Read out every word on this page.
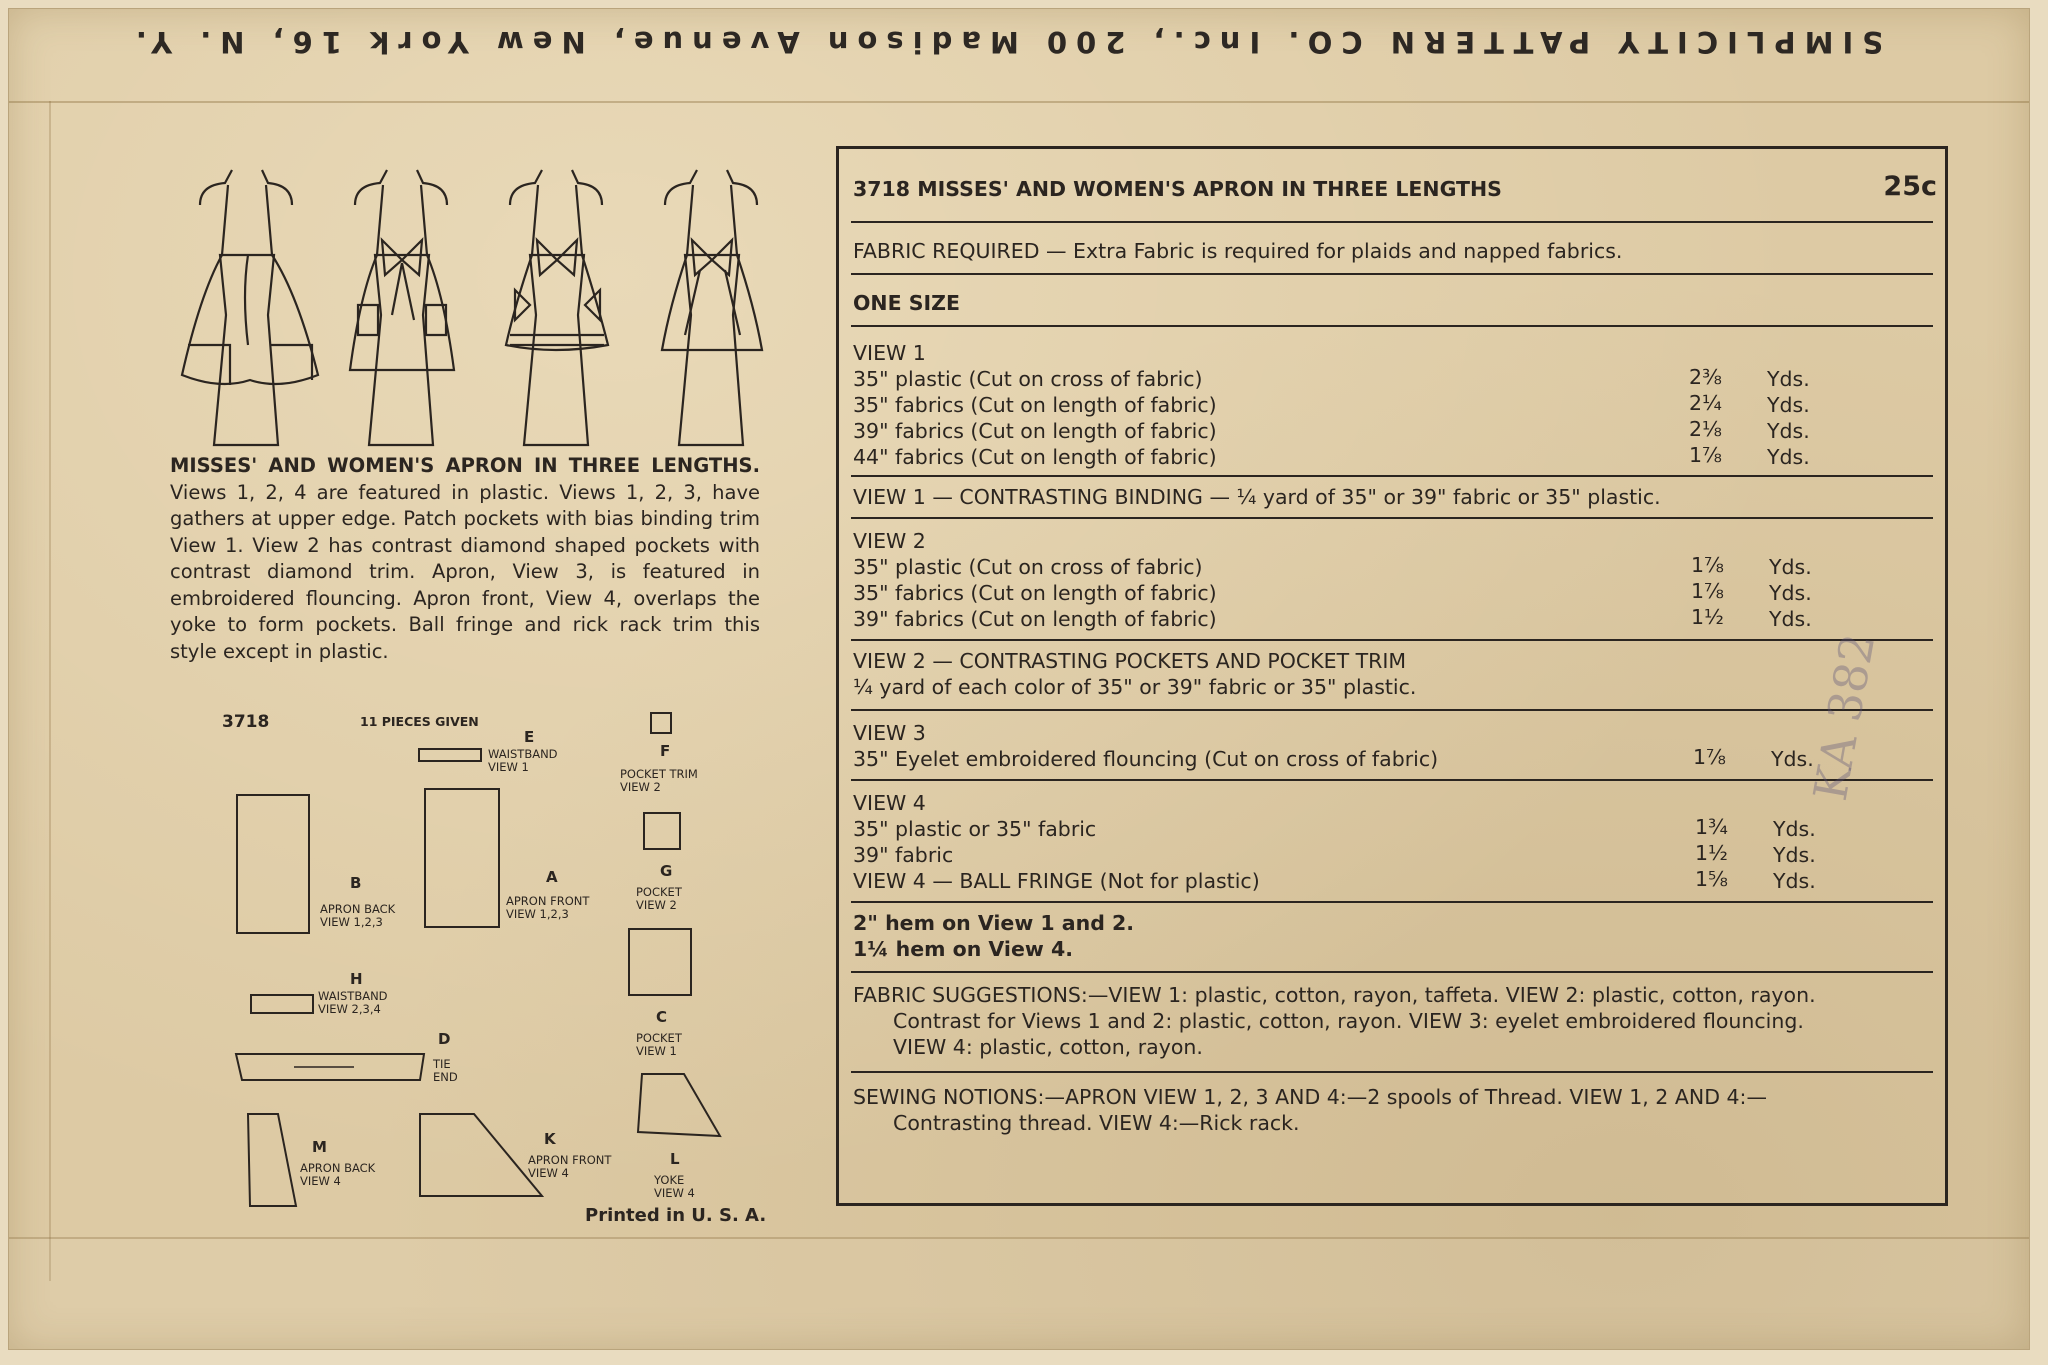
SIMPLICITY PATTERN CO. Inc., 200 Madison Avenue, New York 16, N. Y.
MISSES' AND WOMEN'S APRON IN THREE LENGTHS. Views 1, 2, 4 are featured in plastic. Views 1, 2, 3, have gathers at upper edge. Patch pockets with bias binding trim View 1. View 2 has contrast diamond shaped pockets with contrast diamond trim. Apron, View 3, is featured in embroidered flouncing. Apron front, View 4, overlaps the yoke to form pockets. Ball fringe and rick rack trim this style except in plastic.
3718	11 PIECES GIVEN
E
WAISTBAND
VIEW 1
F
POCKET TRIM
VIEW 2
G
POCKET
VIEW 2
B
APRON BACK
VIEW 1,2,3
A
APRON FRONT
VIEW 1,2,3
C
POCKET
VIEW 1
H
WAISTBAND
VIEW 2,3,4
D
TIE
END
M
APRON BACK
VIEW 4
K
APRON FRONT
VIEW 4
L
YOKE
VIEW 4
Printed in U. S. A.
3718 MISSES' AND WOMEN'S APRON IN THREE LENGTHS	25c
FABRIC REQUIRED — Extra Fabric is required for plaids and napped fabrics.
ONE SIZE
VIEW 1
35" plastic (Cut on cross of fabric)	2⅜ Yds.
35" fabrics (Cut on length of fabric)	2¼ Yds.
39" fabrics (Cut on length of fabric)	2⅛ Yds.
44" fabrics (Cut on length of fabric)	1⅞ Yds.
VIEW 1 — CONTRASTING BINDING — ¼ yard of 35" or 39" fabric or 35" plastic.
VIEW 2
35" plastic (Cut on cross of fabric)	1⅞ Yds.
35" fabrics (Cut on length of fabric)	1⅞ Yds.
39" fabrics (Cut on length of fabric)	1½ Yds.
VIEW 2 — CONTRASTING POCKETS AND POCKET TRIM
¼ yard of each color of 35" or 39" fabric or 35" plastic.
VIEW 3
35" Eyelet embroidered flouncing (Cut on cross of fabric)	1⅞ Yds.
VIEW 4
35" plastic or 35" fabric	1¾ Yds.
39" fabric	1½ Yds.
VIEW 4 — BALL FRINGE (Not for plastic)	1⅝ Yds.
2" hem on View 1 and 2.
1¼ hem on View 4.
FABRIC SUGGESTIONS:—VIEW 1: plastic, cotton, rayon, taffeta. VIEW 2: plastic, cotton, rayon.
Contrast for Views 1 and 2: plastic, cotton, rayon. VIEW 3: eyelet embroidered flouncing.
VIEW 4: plastic, cotton, rayon.
SEWING NOTIONS:—APRON VIEW 1, 2, 3 AND 4:—2 spools of Thread. VIEW 1, 2 AND 4:—
Contrasting thread. VIEW 4:—Rick rack.
KA 382
